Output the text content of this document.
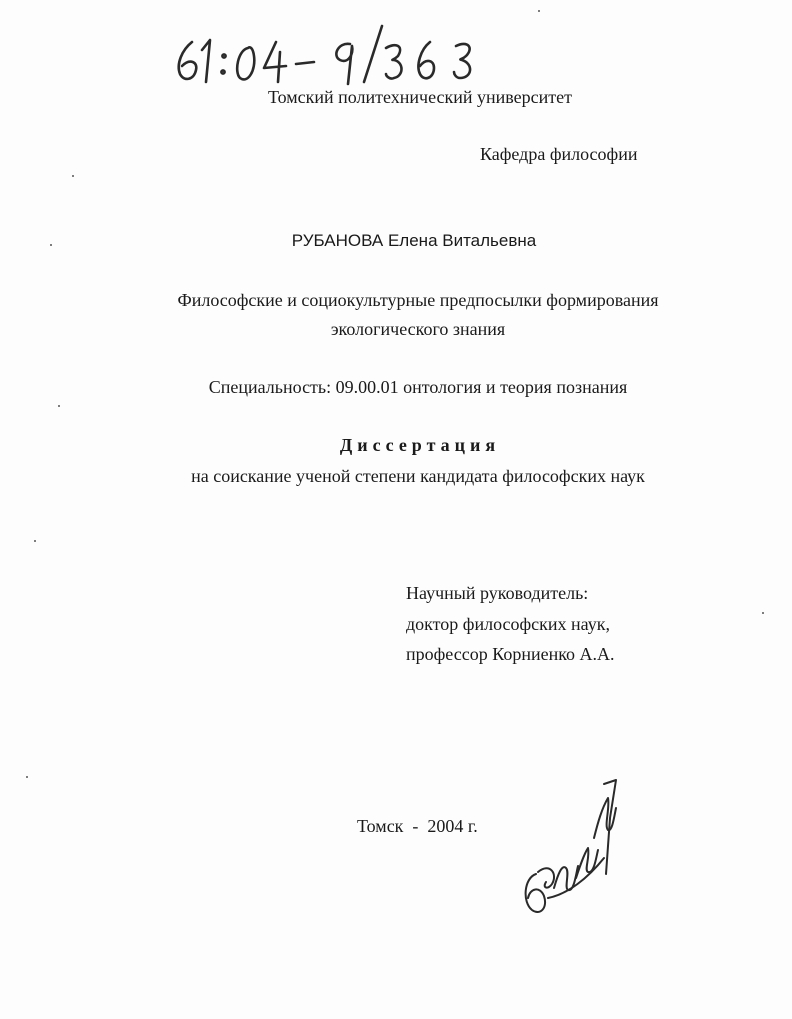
Томский политехнический университет
Кафедра философии
РУБАНОВА Елена Витальевна
Философские и социокультурные предпосылки формирования
экологического знания
Специальность: 09.00.01 онтология и теория познания
Диссертация
на соискание ученой степени кандидата философских наук
Научный руководитель:
доктор философских наук,
профессор Корниенко А.А.
Томск  -  2004 г.
